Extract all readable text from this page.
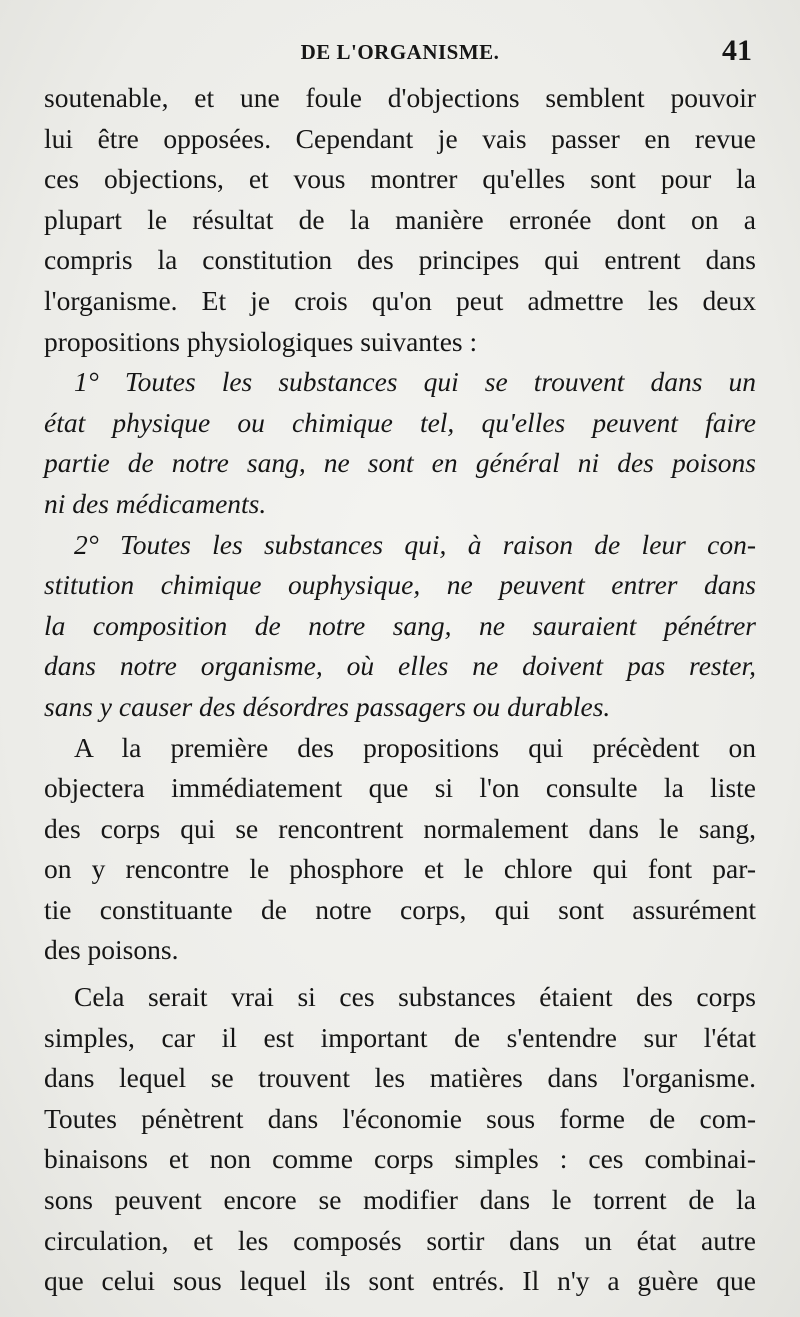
DE L'ORGANISME.	41
soutenable, et une foule d'objections semblent pouvoir
lui être opposées. Cependant je vais passer en revue
ces objections, et vous montrer qu'elles sont pour la
plupart le résultat de la manière erronée dont on a
compris la constitution des principes qui entrent dans
l'organisme. Et je crois qu'on peut admettre les deux
propositions physiologiques suivantes :
1° Toutes les substances qui se trouvent dans un
état physique ou chimique tel, qu'elles peuvent faire
partie de notre sang, ne sont en général ni des poisons
ni des médicaments.
2° Toutes les substances qui, à raison de leur con-
stitution chimique ouphysique, ne peuvent entrer dans
la composition de notre sang, ne sauraient pénétrer
dans notre organisme, où elles ne doivent pas rester,
sans y causer des désordres passagers ou durables.
A la première des propositions qui précèdent on
objectera immédiatement que si l'on consulte la liste
des corps qui se rencontrent normalement dans le sang,
on y rencontre le phosphore et le chlore qui font par-
tie constituante de notre corps, qui sont assurément
des poisons.
Cela serait vrai si ces substances étaient des corps
simples, car il est important de s'entendre sur l'état
dans lequel se trouvent les matières dans l'organisme.
Toutes pénètrent dans l'économie sous forme de com-
binaisons et non comme corps simples : ces combinai-
sons peuvent encore se modifier dans le torrent de la
circulation, et les composés sortir dans un état autre
que celui sous lequel ils sont entrés. Il n'y a guère que
